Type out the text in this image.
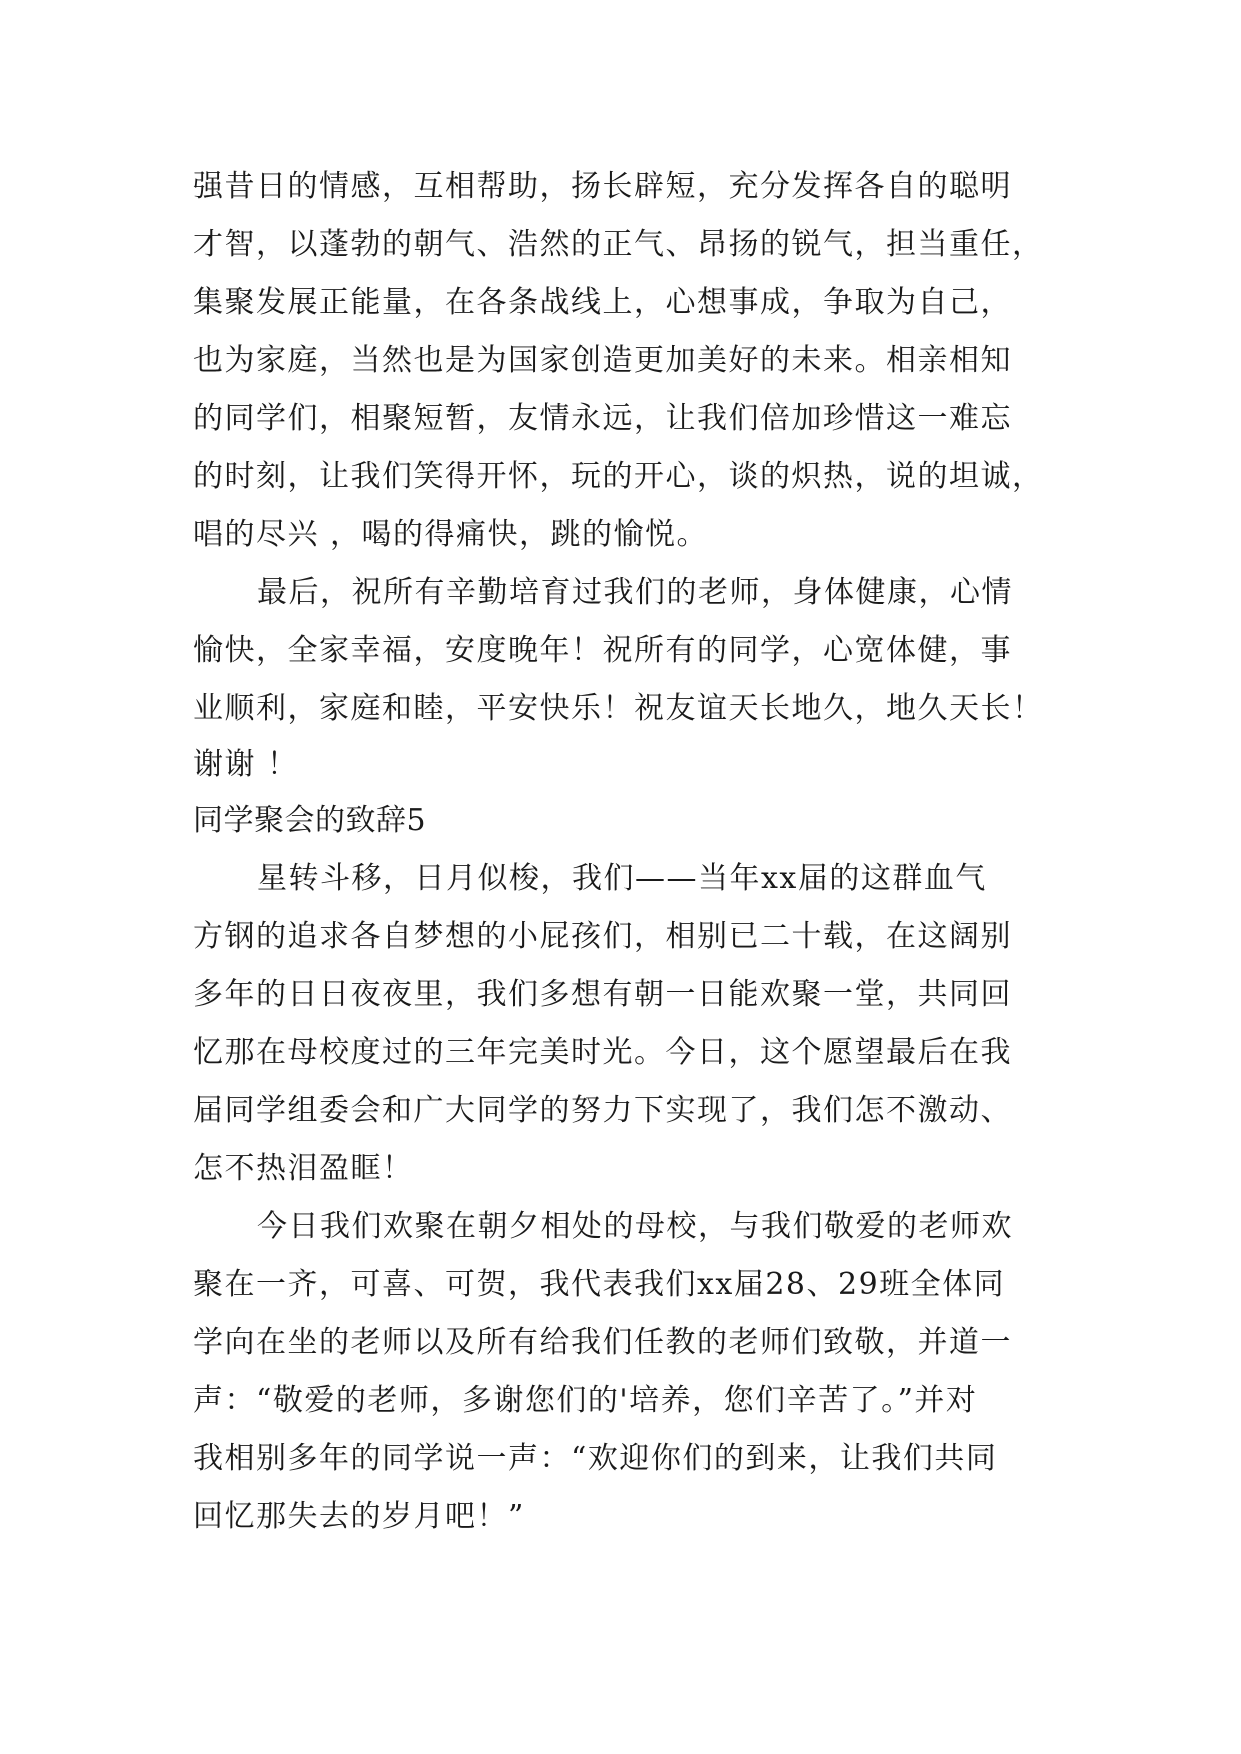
强昔日的情感，互相帮助，扬长辟短，充分发挥各自的聪明
才智，以蓬勃的朝气、浩然的正气、昂扬的锐气，担当重任，
集聚发展正能量，在各条战线上，心想事成，争取为自己，
也为家庭，当然也是为国家创造更加美好的未来。相亲相知
的同学们，相聚短暂，友情永远，让我们倍加珍惜这一难忘
的时刻，让我们笑得开怀，玩的开心，谈的炽热，说的坦诚，
唱的尽兴 ，喝的得痛快，跳的愉悦。
最后，祝所有辛勤培育过我们的老师，身体健康，心情
愉快，全家幸福，安度晚年！祝所有的同学，心宽体健，事
业顺利，家庭和睦，平安快乐！祝友谊天长地久，地久天长！
谢谢 ！
同学聚会的致辞5
星转斗移，日月似梭，我们——当年xx届的这群血气
方钢的追求各自梦想的小屁孩们，相别已二十载，在这阔别
多年的日日夜夜里，我们多想有朝一日能欢聚一堂，共同回
忆那在母校度过的三年完美时光。今日，这个愿望最后在我
届同学组委会和广大同学的努力下实现了，我们怎不激动、
怎不热泪盈眶！
今日我们欢聚在朝夕相处的母校，与我们敬爱的老师欢
聚在一齐，可喜、可贺，我代表我们xx届28、29班全体同
学向在坐的老师以及所有给我们任教的老师们致敬，并道一
声：“敬爱的老师，多谢您们的'培养，您们辛苦了。”并对
我相别多年的同学说一声：“欢迎你们的到来，让我们共同
回忆那失去的岁月吧！”
